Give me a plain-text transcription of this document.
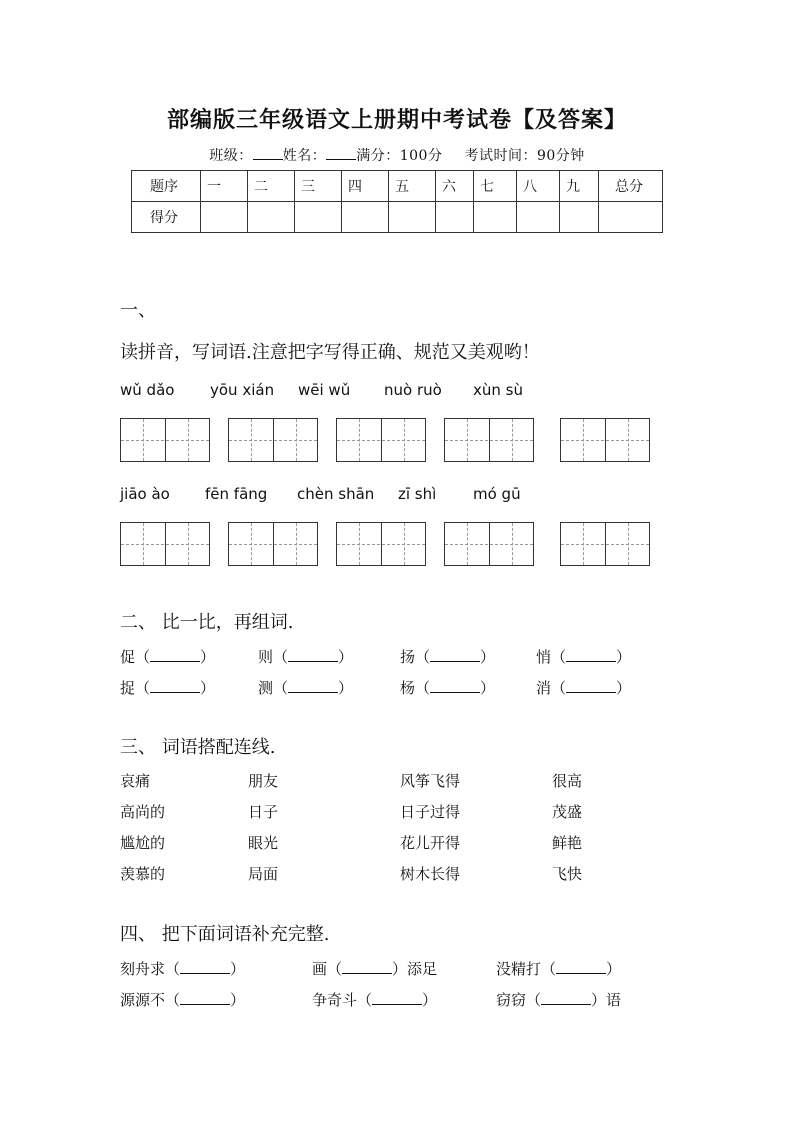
部编版三年级语文上册期中考试卷【及答案】
班级： 姓名： 满分：100分 考试时间：90分钟
题序	一	二	三	四	五	六	七	八	九	总分
得分										
一、
读拼音，写词语.注意把字写得正确、规范又美观哟！
wǔ dǎo yōu xián wēi wǔ nuò ruò xùn sù
jiāo ào fēn fāng chèn shān zī shì mó gū
二、 比一比，再组词.
促（	）	则（	）	扬（	）	悄（	）
捉（	）	测（	）	杨（	）	消（	）
三、 词语搭配连线.
哀痛	朋友	风筝飞得	很高
高尚的	日子	日子过得	茂盛
尴尬的	眼光	花儿开得	鲜艳
羡慕的	局面	树木长得	飞快
四、 把下面词语补充完整.
刻舟求（	）	画（	）添足	没精打（	）
源源不（	）	争奇斗（	）	窃窃（	）语
